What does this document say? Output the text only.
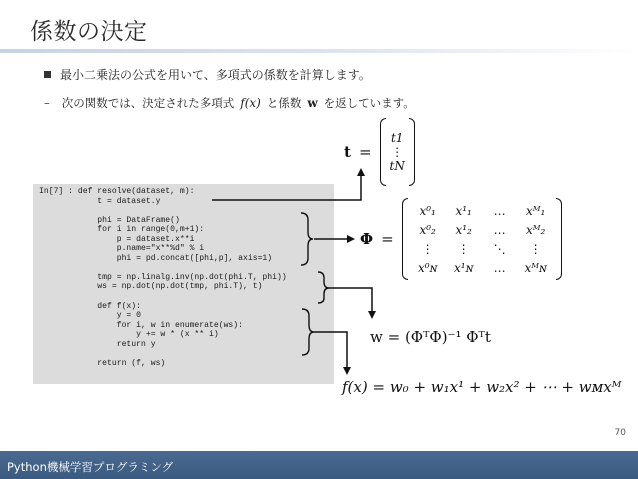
係数の決定
最小二乗法の公式を用いて、多項式の係数を計算します。
– 次の関数では、決定された多項式 f(x) と係数 w を返しています。
In[7] : def resolve(dataset, m):
t = dataset.y

phi = DataFrame()
for i in range(0,m+1):
p = dataset.x**i
p.name="x**%d" % i
phi = pd.concat([phi,p], axis=1)

tmp = np.linalg.inv(np.dot(phi.T, phi))
ws = np.dot(np.dot(tmp, phi.T), t)

def f(x):
y = 0
for i, w in enumerate(ws):
y += w * (x ** i)
return y

return (f, ws)
t =
t1
⋮
tN
Φ =
x⁰₁ x¹₁ … xᴹ₁
x⁰₂ x¹₂ … xᴹ₂
⋮ ⋮ ⋱ ⋮
x⁰ɴ x¹ɴ … xᴹɴ
w = (ΦᵀΦ)⁻¹ Φᵀt
f(x) = w₀ + w₁x¹ + w₂x² + ⋯ + wᴍxᴹ
70
Python機械学習プログラミング
